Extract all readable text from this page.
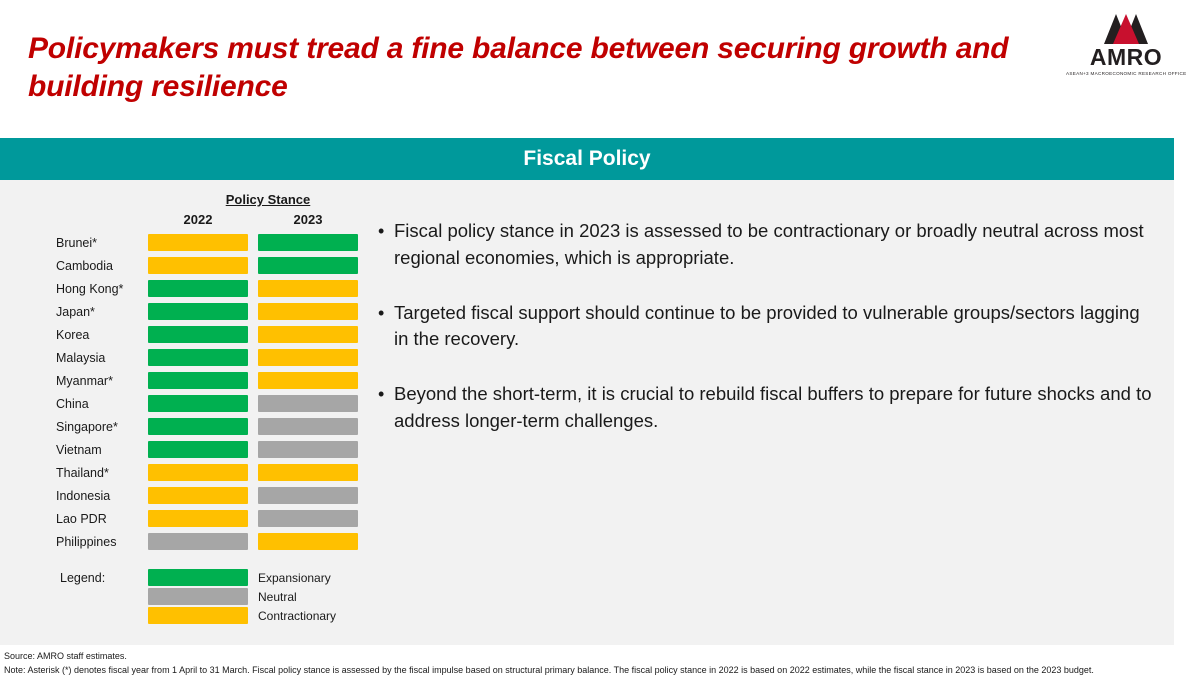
Policymakers must tread a fine balance between securing growth and building resilience
AMRO
ASEAN+3 MACROECONOMIC RESEARCH OFFICE
Fiscal Policy
Policy Stance
2022	2023
Brunei*
Cambodia
Hong Kong*
Japan*
Korea
Malaysia
Myanmar*
China
Singapore*
Vietnam
Thailand*
Indonesia
Lao PDR
Philippines
Legend:	Expansionary
Neutral
Contractionary
• Fiscal policy stance in 2023 is assessed to be contractionary or broadly neutral across most regional economies, which is appropriate.
• Targeted fiscal support should continue to be provided to vulnerable groups/sectors lagging in the recovery.
• Beyond the short-term, it is crucial to rebuild fiscal buffers to prepare for future shocks and to address longer-term challenges.
Source: AMRO staff estimates.
Note: Asterisk (*) denotes fiscal year from 1 April to 31 March. Fiscal policy stance is assessed by the fiscal impulse based on structural primary balance. The fiscal policy stance in 2022 is based on 2022 estimates, while the fiscal stance in 2023 is based on the 2023 budget.
